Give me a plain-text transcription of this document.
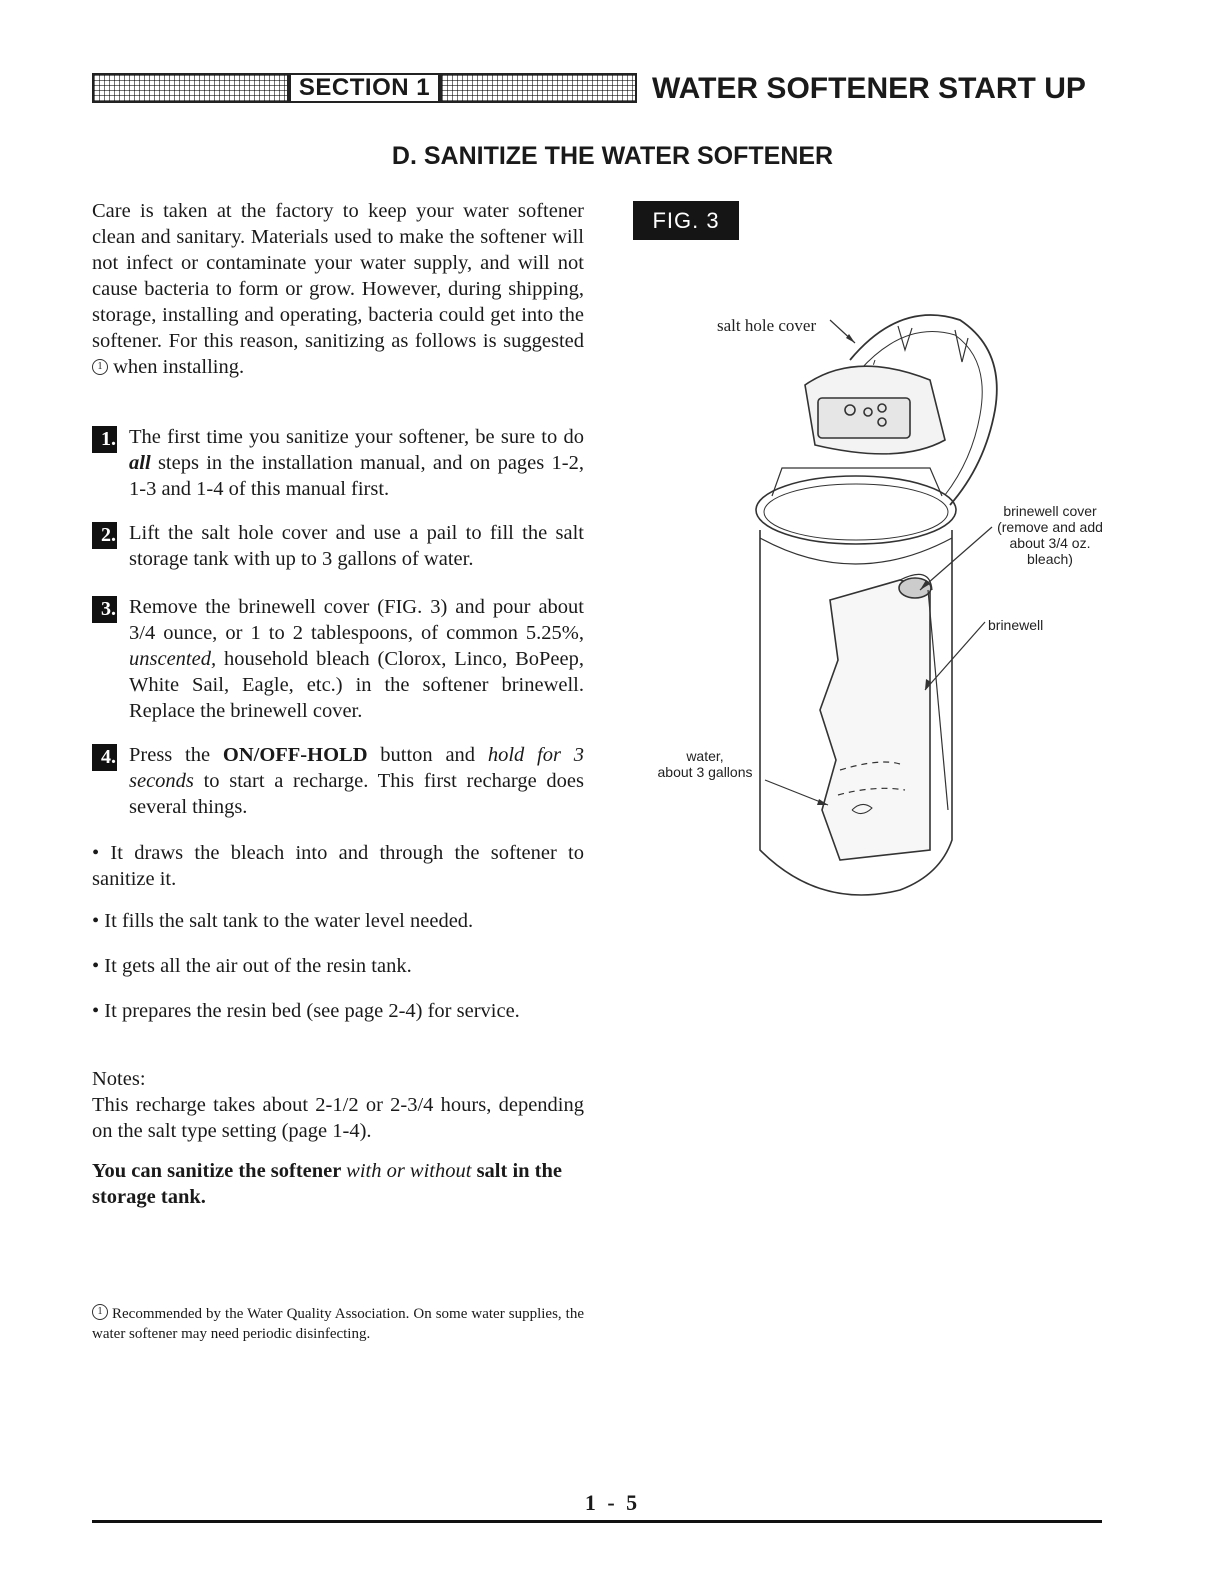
SECTION 1	WATER SOFTENER START UP
D. SANITIZE THE WATER SOFTENER
Care is taken at the factory to keep your water softener clean and sanitary. Materials used to make the softener will not infect or contaminate your water supply, and will not cause bacteria to form or grow. However, during shipping, storage, installing and operating, bacteria could get into the softener. For this reason, sanitizing as follows is suggested$^1$ when installing.
1. The first time you sanitize your softener, be sure to do all steps in the installation manual, and on pages 1-2, 1-3 and 1-4 of this manual first.
2. Lift the salt hole cover and use a pail to fill the salt storage tank with up to 3 gallons of water.
3. Remove the brinewell cover (FIG. 3) and pour about 3/4 ounce, or 1 to 2 tablespoons, of common 5.25%, unscented, household bleach (Clorox, Linco, BoPeep, White Sail, Eagle, etc.) in the softener brinewell. Replace the brinewell cover.
4. Press the ON/OFF-HOLD button and hold for 3 seconds to start a recharge. This first recharge does several things.
• It draws the bleach into and through the softener to sanitize it.
• It fills the salt tank to the water level needed.
• It gets all the air out of the resin tank.
• It prepares the resin bed (see page 2-4) for service.
Notes:
This recharge takes about 2-1/2 or 2-3/4 hours, depending on the salt type setting (page 1-4).
You can sanitize the softener with or without salt in the storage tank.
$^1$ Recommended by the Water Quality Association. On some water supplies, the water softener may need periodic disinfecting.
FIG. 3
salt hole cover
brinewell cover
(remove and add
about 3/4 oz.
bleach)
brinewell
water,
about 3 gallons
1 - 5
